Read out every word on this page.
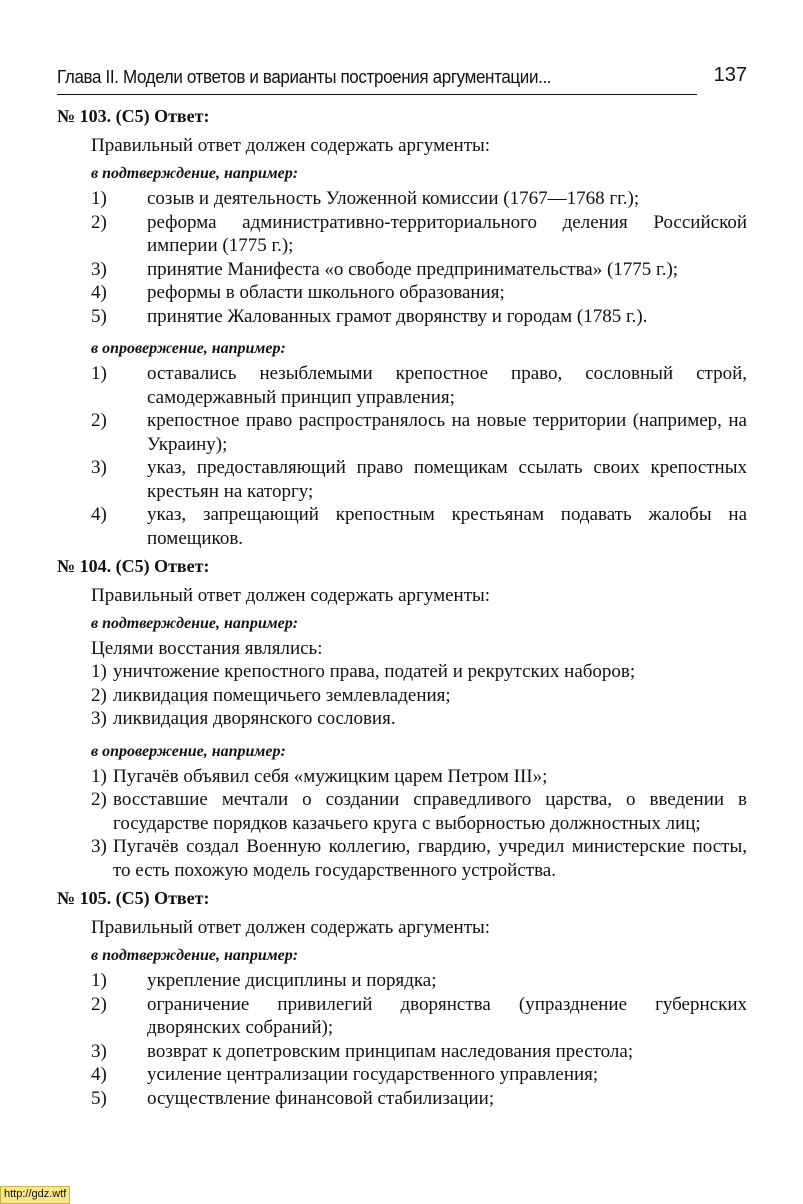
Глава II. Модели ответов и варианты построения аргументации...	137
№ 103. (С5) Ответ:
Правильный ответ должен содержать аргументы:
в подтверждение, например:
1) созыв и деятельность Уложенной комиссии (1767—1768 гг.);
2) реформа административно-территориального деления Российской империи (1775 г.);
3) принятие Манифеста «о свободе предпринимательства» (1775 г.);
4) реформы в области школьного образования;
5) принятие Жалованных грамот дворянству и городам (1785 г.).
в опровержение, например:
1) оставались незыблемыми крепостное право, сословный строй, самодержавный принцип управления;
2) крепостное право распространялось на новые территории (например, на Украину);
3) указ, предоставляющий право помещикам ссылать своих крепостных крестьян на каторгу;
4) указ, запрещающий крепостным крестьянам подавать жалобы на помещиков.
№ 104. (С5) Ответ:
Правильный ответ должен содержать аргументы:
в подтверждение, например:
Целями восстания являлись:
1) уничтожение крепостного права, податей и рекрутских наборов;
2) ликвидация помещичьего землевладения;
3) ликвидация дворянского сословия.
в опровержение, например:
1) Пугачёв объявил себя «мужицким царем Петром III»;
2) восставшие мечтали о создании справедливого царства, о введении в государстве порядков казачьего круга с выборностью должностных лиц;
3) Пугачёв создал Военную коллегию, гвардию, учредил министерские посты, то есть похожую модель государственного устройства.
№ 105. (С5) Ответ:
Правильный ответ должен содержать аргументы:
в подтверждение, например:
1) укрепление дисциплины и порядка;
2) ограничение привилегий дворянства (упразднение губернских дворянских собраний);
3) возврат к допетровским принципам наследования престола;
4) усиление централизации государственного управления;
5) осуществление финансовой стабилизации;
http://gdz.wtf
